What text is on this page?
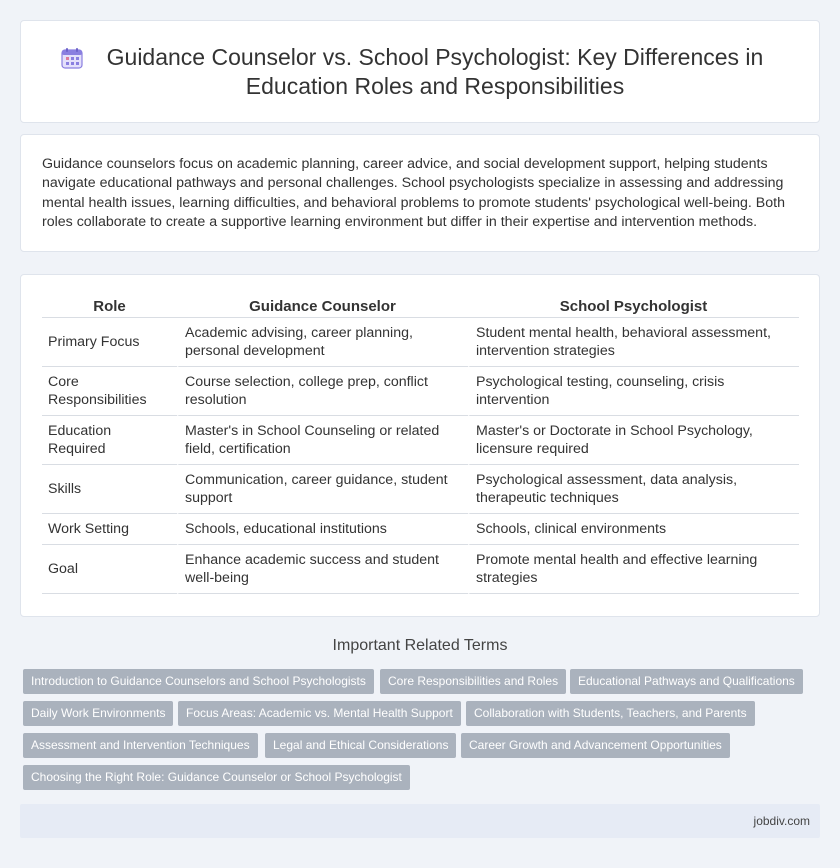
Guidance Counselor vs. School Psychologist: Key Differences in Education Roles and Responsibilities

Guidance counselors focus on academic planning, career advice, and social development support, helping students navigate educational pathways and personal challenges. School psychologists specialize in assessing and addressing mental health issues, learning difficulties, and behavioral problems to promote students' psychological well-being. Both roles collaborate to create a supportive learning environment but differ in their expertise and intervention methods.

Role	Guidance Counselor	School Psychologist
Primary Focus	Academic advising, career planning, personal development	Student mental health, behavioral assessment, intervention strategies
Core Responsibilities	Course selection, college prep, conflict resolution	Psychological testing, counseling, crisis intervention
Education Required	Master's in School Counseling or related field, certification	Master's or Doctorate in School Psychology, licensure required
Skills	Communication, career guidance, student support	Psychological assessment, data analysis, therapeutic techniques
Work Setting	Schools, educational institutions	Schools, clinical environments
Goal	Enhance academic success and student well-being	Promote mental health and effective learning strategies
Important Related Terms
Introduction to Guidance Counselors and School Psychologists	Core Responsibilities and Roles	Educational Pathways and Qualifications
Daily Work Environments	Focus Areas: Academic vs. Mental Health Support	Collaboration with Students, Teachers, and Parents
Assessment and Intervention Techniques	Legal and Ethical Considerations	Career Growth and Advancement Opportunities
Choosing the Right Role: Guidance Counselor or School Psychologist
jobdiv.com
